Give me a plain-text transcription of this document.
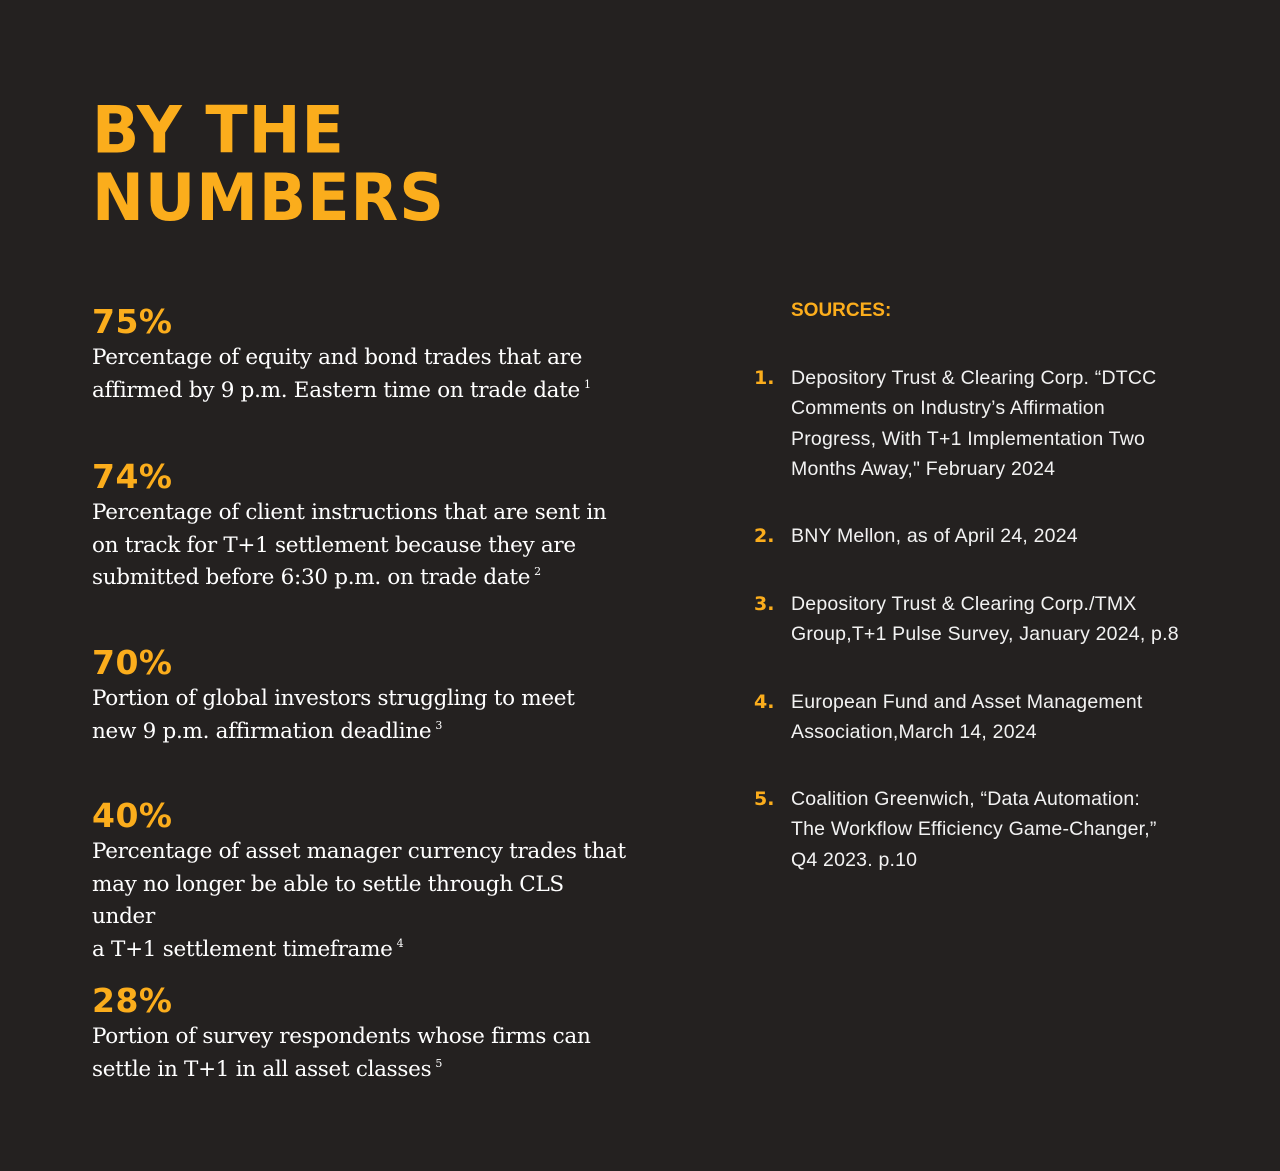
BY THE
NUMBERS
75%
Percentage of equity and bond trades that are
affirmed by 9 p.m. Eastern time on trade date $^1$
74%
Percentage of client instructions that are sent in
on track for T+1 settlement because they are
submitted before 6:30 p.m. on trade date $^2$
70%
Portion of global investors struggling to meet
new 9 p.m. affirmation deadline $^3$
40%
Percentage of asset manager currency trades that
may no longer be able to settle through CLS under
a T+1 settlement timeframe $^4$
28%
Portion of survey respondents whose firms can
settle in T+1 in all asset classes $^5$
SOURCES:
1. Depository Trust & Clearing Corp. “DTCC
Comments on Industry’s Affirmation
Progress, With T+1 Implementation Two
Months Away," February 2024
2. BNY Mellon, as of April 24, 2024
3. Depository Trust & Clearing Corp./TMX
Group,T+1 Pulse Survey, January 2024, p.8
4. European Fund and Asset Management
Association,March 14, 2024
5. Coalition Greenwich, “Data Automation:
The Workflow Efficiency Game-Changer,”
Q4 2023. p.10
